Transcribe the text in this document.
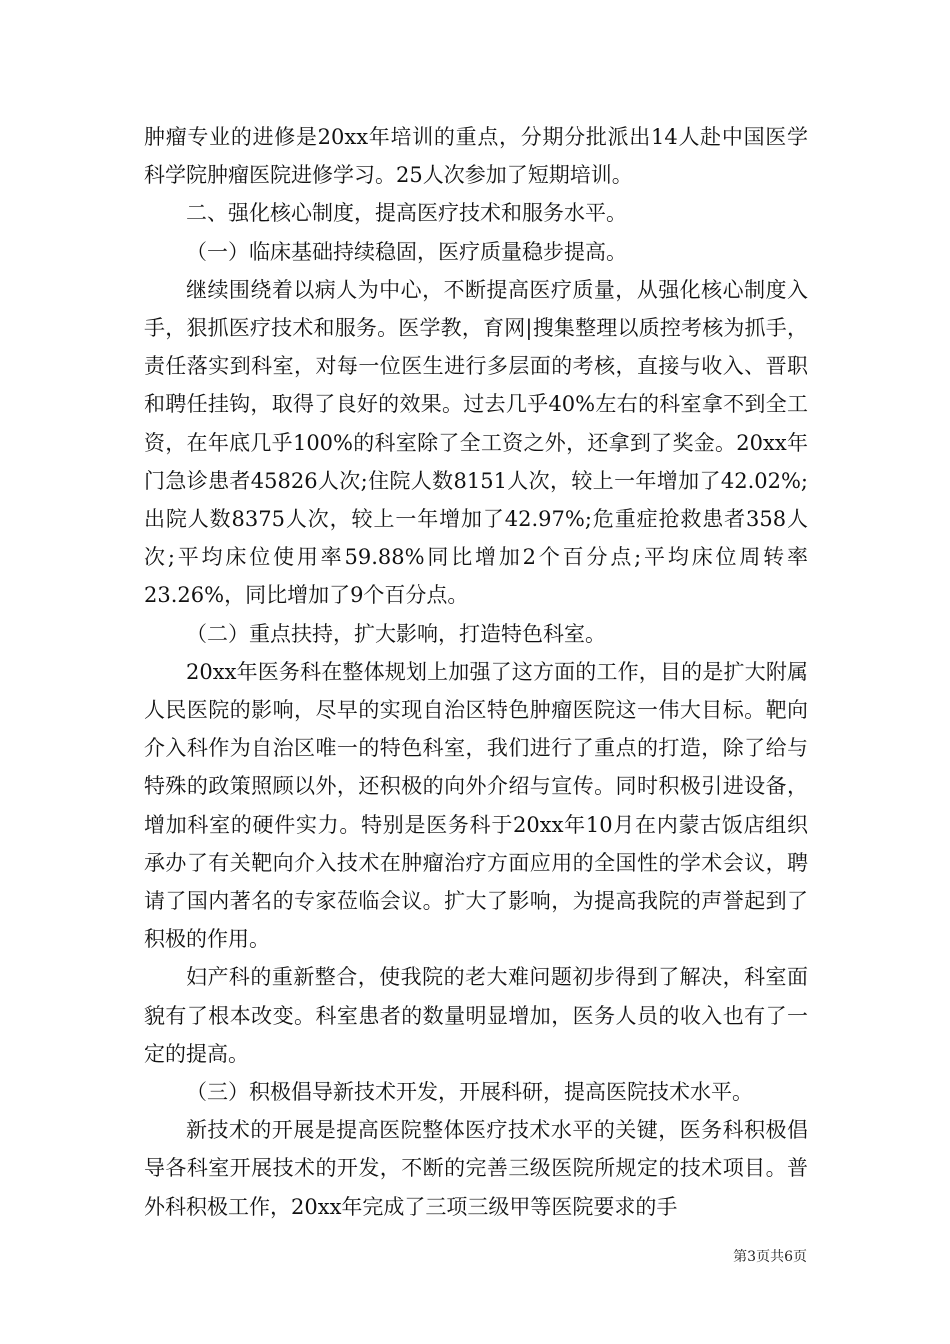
肿瘤专业的进修是20xx年培训的重点，分期分批派出14人赴中国医学科学院肿瘤医院进修学习。25人次参加了短期培训。

二、强化核心制度，提高医疗技术和服务水平。

（一）临床基础持续稳固，医疗质量稳步提高。

继续围绕着以病人为中心，不断提高医疗质量，从强化核心制度入手，狠抓医疗技术和服务。医学教，育网|搜集整理以质控考核为抓手，责任落实到科室，对每一位医生进行多层面的考核，直接与收入、晋职和聘任挂钩，取得了良好的效果。过去几乎40%左右的科室拿不到全工资，在年底几乎100%的科室除了全工资之外，还拿到了奖金。20xx年门急诊患者45826人次;住院人数8151人次，较上一年增加了42.02%;出院人数8375人次，较上一年增加了42.97%;危重症抢救患者358人次;平均床位使用率59.88%同比增加2个百分点;平均床位周转率23.26%，同比增加了9个百分点。

（二）重点扶持，扩大影响，打造特色科室。

20xx年医务科在整体规划上加强了这方面的工作，目的是扩大附属人民医院的影响，尽早的实现自治区特色肿瘤医院这一伟大目标。靶向介入科作为自治区唯一的特色科室，我们进行了重点的打造，除了给与特殊的政策照顾以外，还积极的向外介绍与宣传。同时积极引进设备，增加科室的硬件实力。特别是医务科于20xx年10月在内蒙古饭店组织承办了有关靶向介入技术在肿瘤治疗方面应用的全国性的学术会议，聘请了国内著名的专家莅临会议。扩大了影响，为提高我院的声誉起到了积极的作用。

妇产科的重新整合，使我院的老大难问题初步得到了解决，科室面貌有了根本改变。科室患者的数量明显增加，医务人员的收入也有了一定的提高。

（三）积极倡导新技术开发，开展科研，提高医院技术水平。

新技术的开展是提高医院整体医疗技术水平的关键，医务科积极倡导各科室开展技术的开发，不断的完善三级医院所规定的技术项目。普外科积极工作，20xx年完成了三项三级甲等医院要求的手

第3页共6页
